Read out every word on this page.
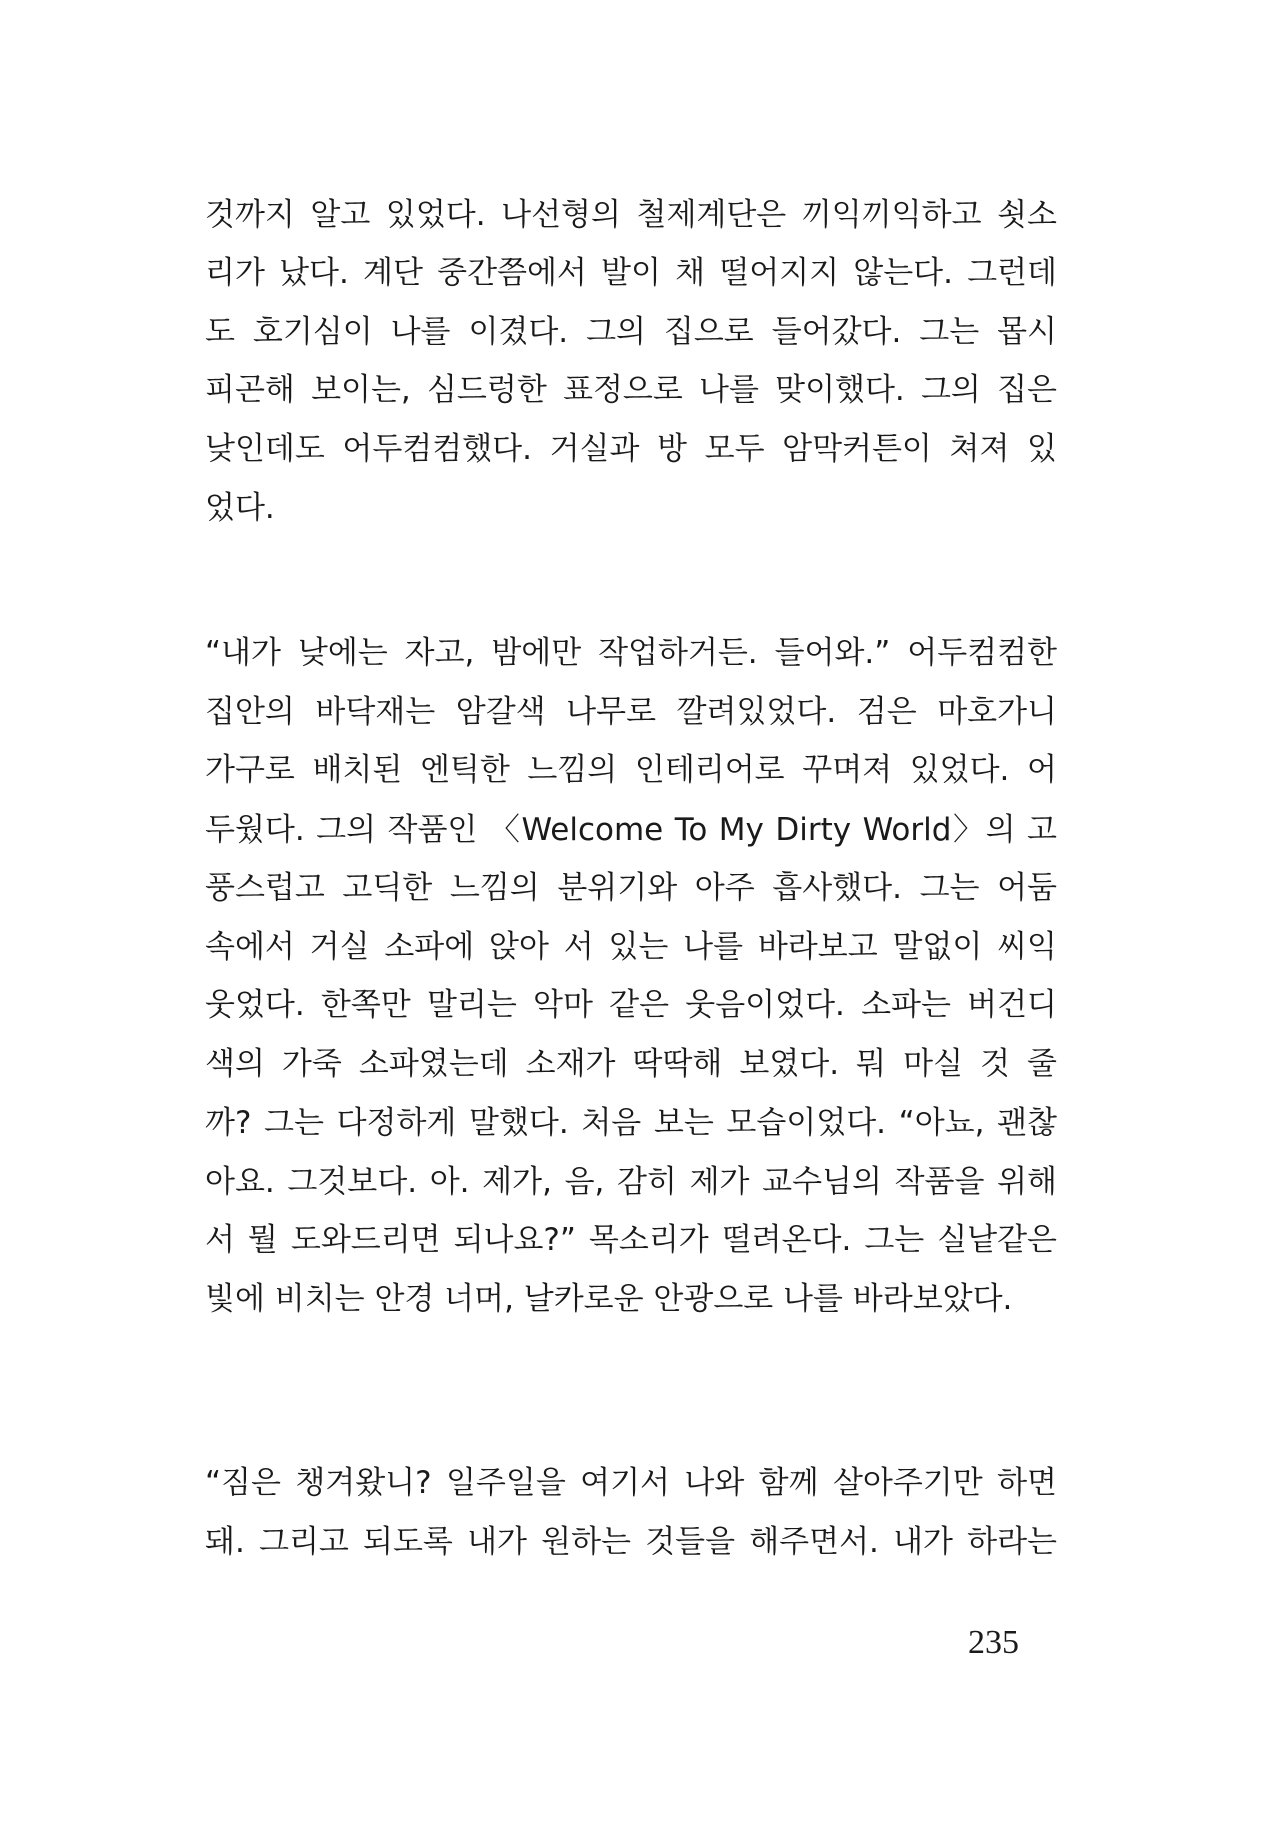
것까지 알고 있었다. 나선형의 철제계단은 끼익끼익하고 쇳소
리가 났다. 계단 중간쯤에서 발이 채 떨어지지 않는다. 그런데
도 호기심이 나를 이겼다. 그의 집으로 들어갔다. 그는 몹시
피곤해 보이는, 심드렁한 표정으로 나를 맞이했다. 그의 집은
낮인데도 어두컴컴했다. 거실과 방 모두 암막커튼이 쳐져 있
었다.
“내가 낮에는 자고, 밤에만 작업하거든. 들어와.” 어두컴컴한
집안의 바닥재는 암갈색 나무로 깔려있었다. 검은 마호가니
가구로 배치된 엔틱한 느낌의 인테리어로 꾸며져 있었다. 어
두웠다. 그의 작품인 〈Welcome To My Dirty World〉의 고
풍스럽고 고딕한 느낌의 분위기와 아주 흡사했다. 그는 어둠
속에서 거실 소파에 앉아 서 있는 나를 바라보고 말없이 씨익
웃었다. 한쪽만 말리는 악마 같은 웃음이었다. 소파는 버건디
색의 가죽 소파였는데 소재가 딱딱해 보였다. 뭐 마실 것 줄
까? 그는 다정하게 말했다. 처음 보는 모습이었다. “아뇨, 괜찮
아요. 그것보다. 아. 제가, 음, 감히 제가 교수님의 작품을 위해
서 뭘 도와드리면 되나요?” 목소리가 떨려온다. 그는 실낱같은
빛에 비치는 안경 너머, 날카로운 안광으로 나를 바라보았다.
“짐은 챙겨왔니? 일주일을 여기서 나와 함께 살아주기만 하면
돼. 그리고 되도록 내가 원하는 것들을 해주면서. 내가 하라는
235
